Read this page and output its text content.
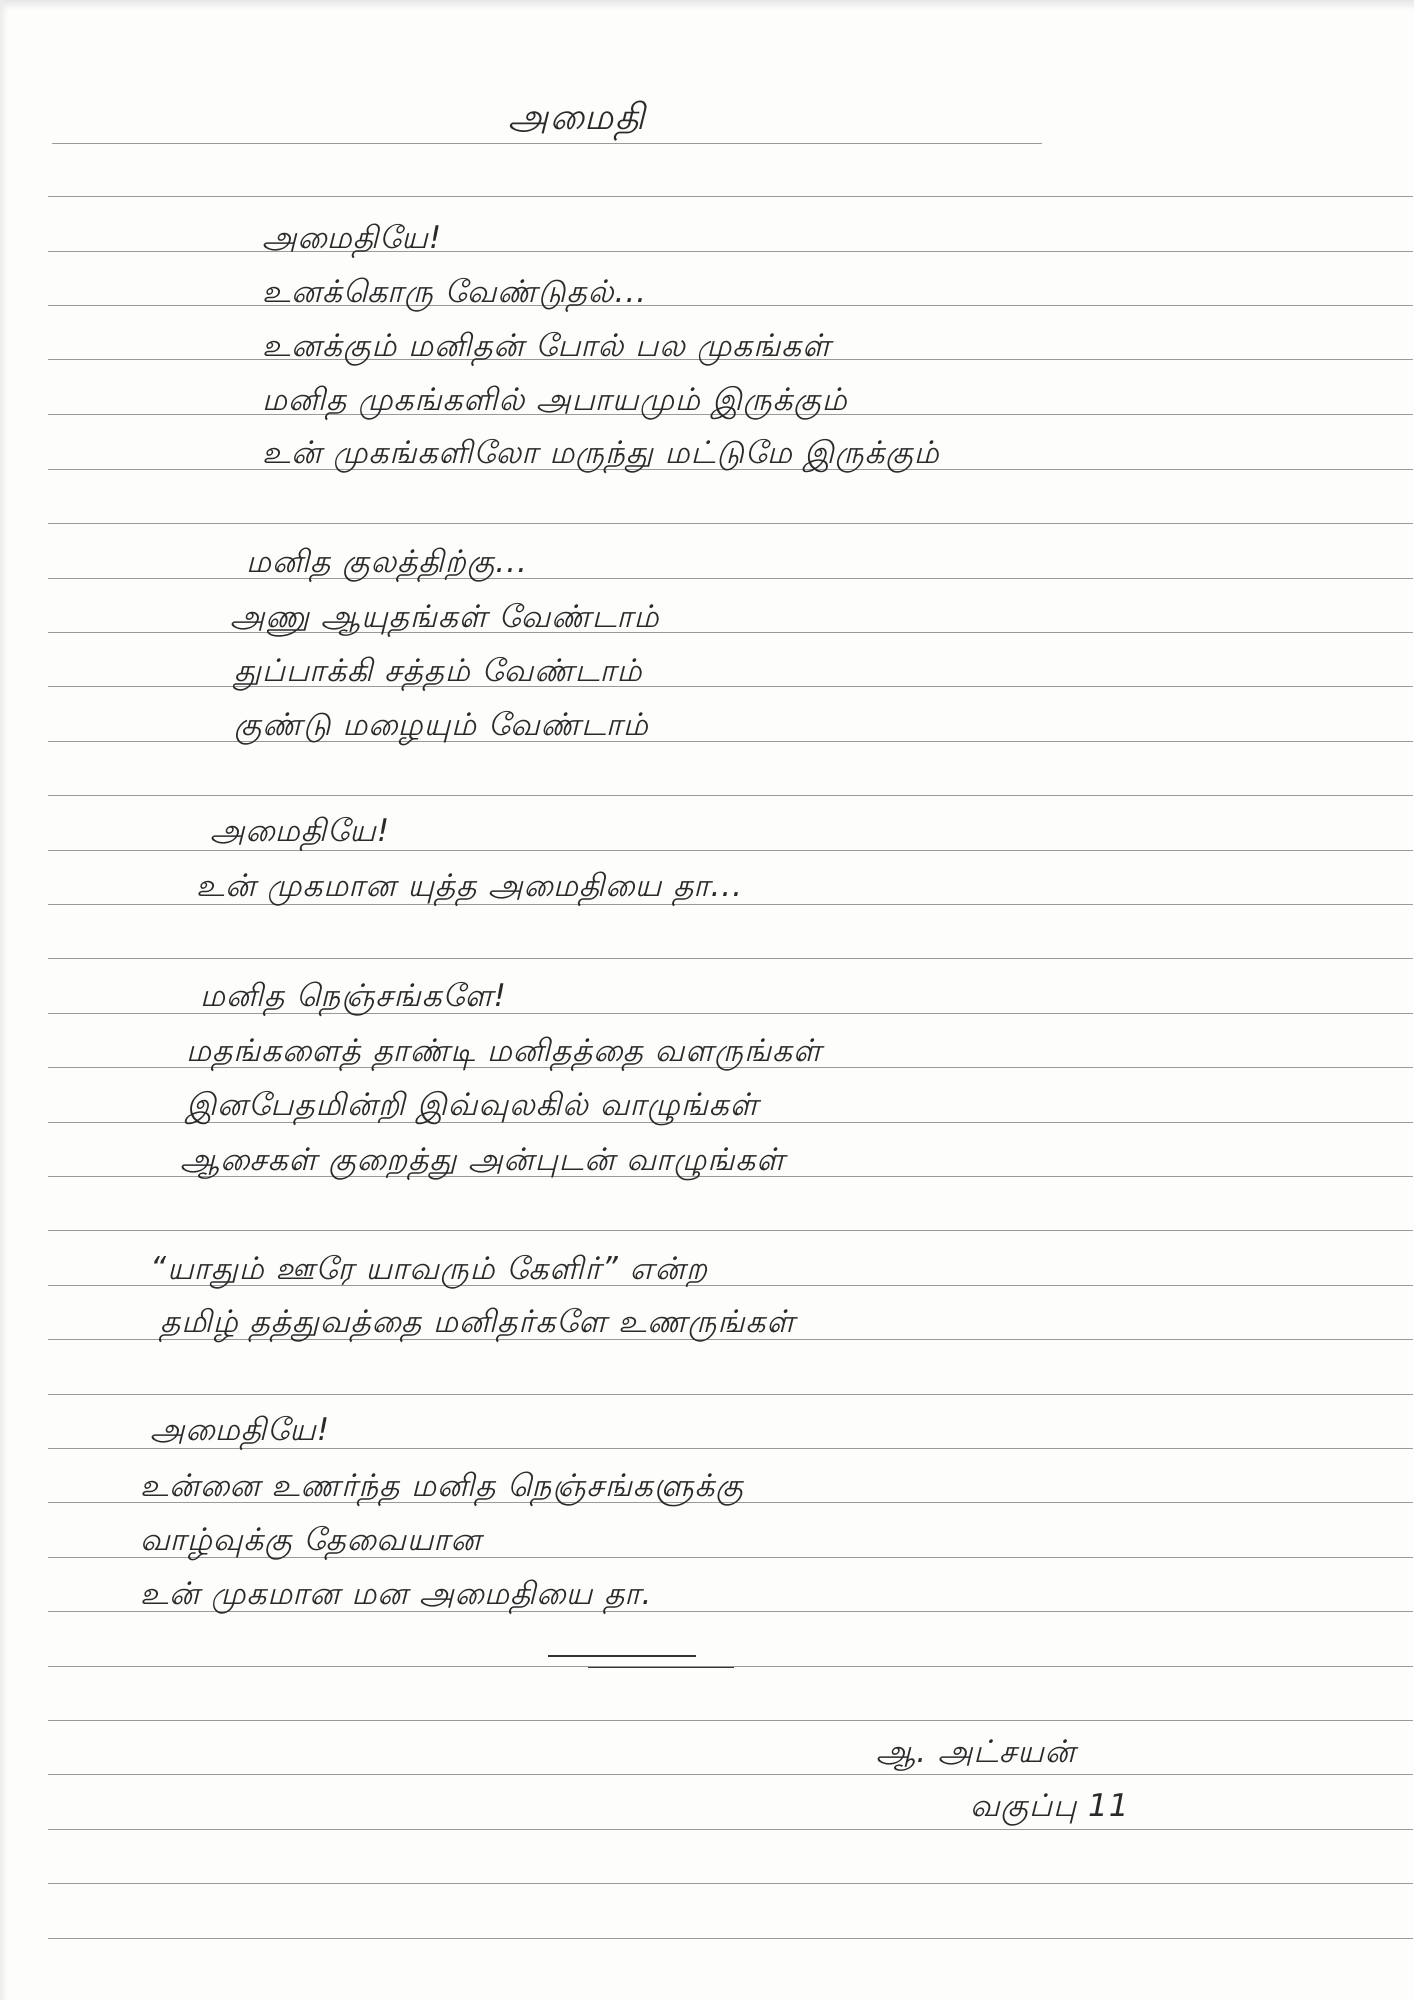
அமைதி
அமைதியே!
உனக்கொரு வேண்டுதல்...
உனக்கும் மனிதன் போல் பல முகங்கள்
மனித முகங்களில் அபாயமும் இருக்கும்
உன் முகங்களிலோ மருந்து மட்டுமே இருக்கும்
மனித குலத்திற்கு...
அணு ஆயுதங்கள் வேண்டாம்
துப்பாக்கி சத்தம் வேண்டாம்
குண்டு மழையும் வேண்டாம்
அமைதியே!
உன் முகமான யுத்த அமைதியை தா...
மனித நெஞ்சங்களே!
மதங்களைத் தாண்டி மனிதத்தை வளருங்கள்
இனபேதமின்றி இவ்வுலகில் வாழுங்கள்
ஆசைகள் குறைத்து அன்புடன் வாழுங்கள்
“யாதும் ஊரே யாவரும் கேளிர்” என்ற
தமிழ் தத்துவத்தை மனிதர்களே உணருங்கள்
அமைதியே!
உன்னை உணர்ந்த மனித நெஞ்சங்களுக்கு
வாழ்வுக்கு தேவையான
உன் முகமான மன அமைதியை தா.
ஆ. அட்சயன்
வகுப்பு 11
